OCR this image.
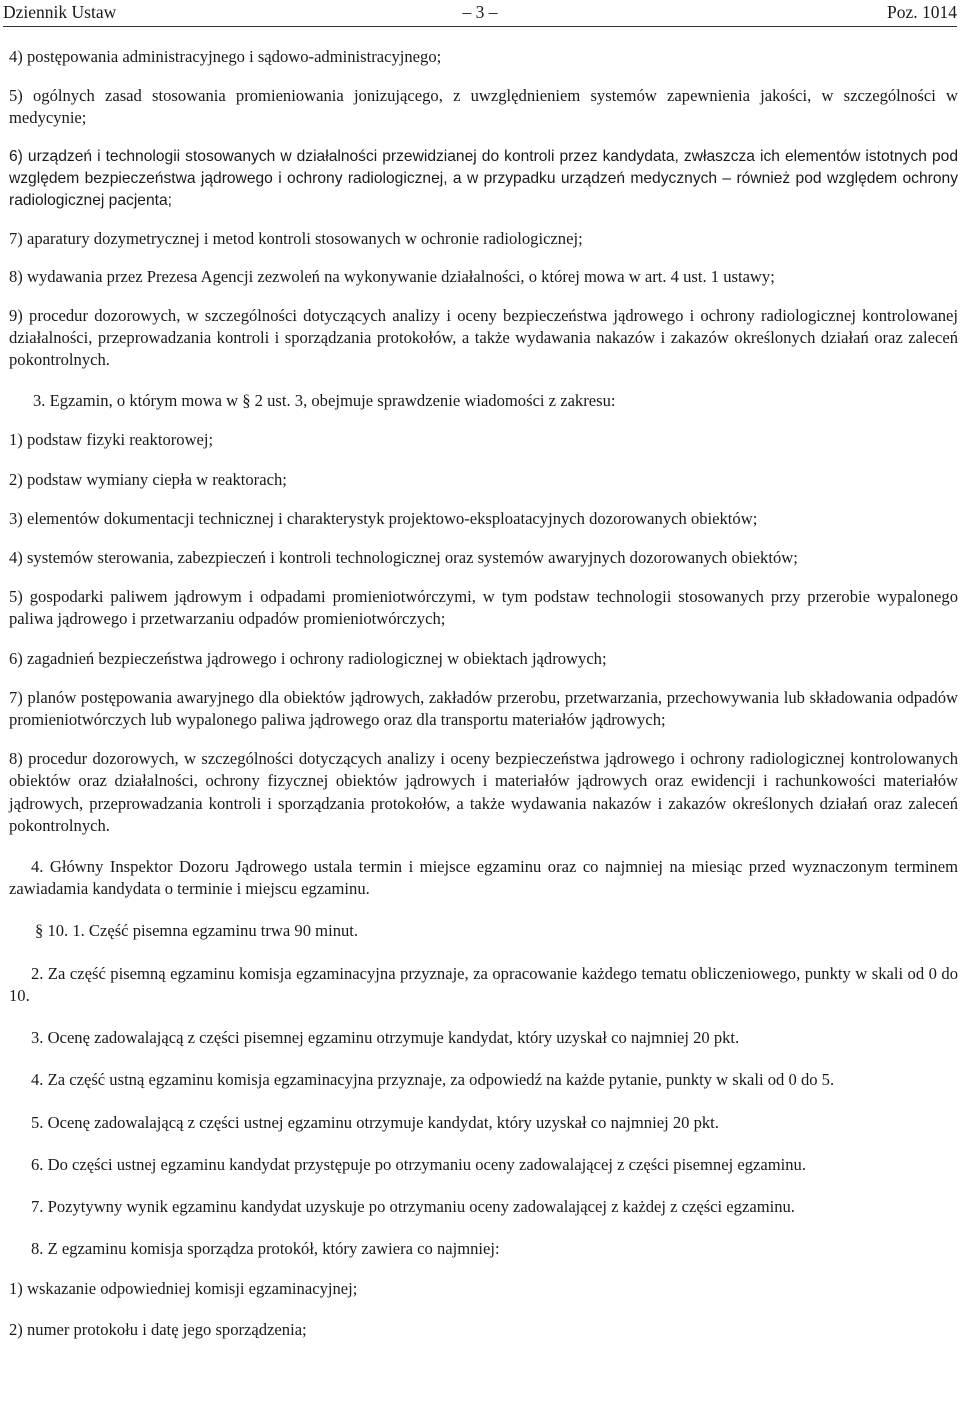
Dziennik Ustaw	– 3 –	Poz. 1014

4) postępowania administracyjnego i sądowo-administracyjnego;

5) ogólnych zasad stosowania promieniowania jonizującego, z uwzględnieniem systemów zapewnienia jakości, w szczególności w medycynie;

6) urządzeń i technologii stosowanych w działalności przewidzianej do kontroli przez kandydata, zwłaszcza ich elementów istotnych pod względem bezpieczeństwa jądrowego i ochrony radiologicznej, a w przypadku urządzeń medycznych – również pod względem ochrony radiologicznej pacjenta;

7) aparatury dozymetrycznej i metod kontroli stosowanych w ochronie radiologicznej;

8) wydawania przez Prezesa Agencji zezwoleń na wykonywanie działalności, o której mowa w art. 4 ust. 1 ustawy;

9) procedur dozorowych, w szczególności dotyczących analizy i oceny bezpieczeństwa jądrowego i ochrony radiologicznej kontrolowanej działalności, przeprowadzania kontroli i sporządzania protokołów, a także wydawania nakazów i zakazów określonych działań oraz zaleceń pokontrolnych.

3. Egzamin, o którym mowa w § 2 ust. 3, obejmuje sprawdzenie wiadomości z zakresu:

1) podstaw fizyki reaktorowej;

2) podstaw wymiany ciepła w reaktorach;

3) elementów dokumentacji technicznej i charakterystyk projektowo-eksploatacyjnych dozorowanych obiektów;

4) systemów sterowania, zabezpieczeń i kontroli technologicznej oraz systemów awaryjnych dozorowanych obiektów;

5) gospodarki paliwem jądrowym i odpadami promieniotwórczymi, w tym podstaw technologii stosowanych przy przerobie wypalonego paliwa jądrowego i przetwarzaniu odpadów promieniotwórczych;

6) zagadnień bezpieczeństwa jądrowego i ochrony radiologicznej w obiektach jądrowych;

7) planów postępowania awaryjnego dla obiektów jądrowych, zakładów przerobu, przetwarzania, przechowywania lub składowania odpadów promieniotwórczych lub wypalonego paliwa jądrowego oraz dla transportu materiałów jądrowych;

8) procedur dozorowych, w szczególności dotyczących analizy i oceny bezpieczeństwa jądrowego i ochrony radiologicznej kontrolowanych obiektów oraz działalności, ochrony fizycznej obiektów jądrowych i materiałów jądrowych oraz ewidencji i rachunkowości materiałów jądrowych, przeprowadzania kontroli i sporządzania protokołów, a także wydawania nakazów i zakazów określonych działań oraz zaleceń pokontrolnych.

4. Główny Inspektor Dozoru Jądrowego ustala termin i miejsce egzaminu oraz co najmniej na miesiąc przed wyznaczonym terminem zawiadamia kandydata o terminie i miejscu egzaminu.

§ 10. 1. Część pisemna egzaminu trwa 90 minut.

2. Za część pisemną egzaminu komisja egzaminacyjna przyznaje, za opracowanie każdego tematu obliczeniowego, punkty w skali od 0 do 10.

3. Ocenę zadowalającą z części pisemnej egzaminu otrzymuje kandydat, który uzyskał co najmniej 20 pkt.

4. Za część ustną egzaminu komisja egzaminacyjna przyznaje, za odpowiedź na każde pytanie, punkty w skali od 0 do 5.

5. Ocenę zadowalającą z części ustnej egzaminu otrzymuje kandydat, który uzyskał co najmniej 20 pkt.

6. Do części ustnej egzaminu kandydat przystępuje po otrzymaniu oceny zadowalającej z części pisemnej egzaminu.

7. Pozytywny wynik egzaminu kandydat uzyskuje po otrzymaniu oceny zadowalającej z każdej z części egzaminu.

8. Z egzaminu komisja sporządza protokół, który zawiera co najmniej:

1) wskazanie odpowiedniej komisji egzaminacyjnej;

2) numer protokołu i datę jego sporządzenia;
